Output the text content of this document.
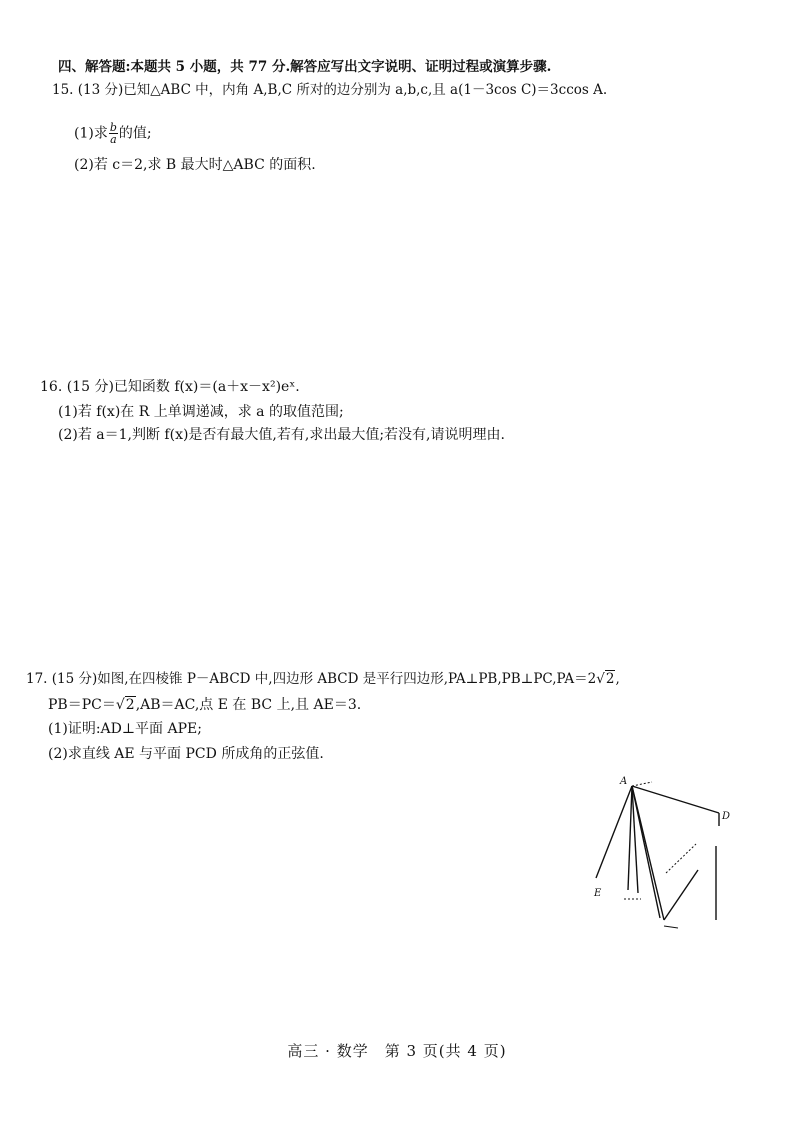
四、解答题:本题共 5 小题，共 77 分.解答应写出文字说明、证明过程或演算步骤.
15. (13 分)已知△ABC 中，内角 A,B,C 所对的边分别为 a,b,c,且 a(1－3cos C)＝3ccos A.
(1)求 $\frac{b}{a}$ 的值;
(2)若 c＝2,求 B 最大时△ABC 的面积.
16. (15 分)已知函数 f(x)＝(a＋x－x²)eˣ.
(1)若 f(x)在 R 上单调递减，求 a 的取值范围;
(2)若 a＝1,判断 f(x)是否有最大值,若有,求出最大值;若没有,请说明理由.
17. (15 分)如图,在四棱锥 P－ABCD 中,四边形 ABCD 是平行四边形,PA⊥PB,PB⊥PC,PA＝2√2,
PB＝PC＝√2,AB＝AC,点 E 在 BC 上,且 AE＝3.
(1)证明:AD⊥平面 APE;
(2)求直线 AE 与平面 PCD 所成角的正弦值.
A
D
E
高三 · 数学　第 3 页(共 4 页)
